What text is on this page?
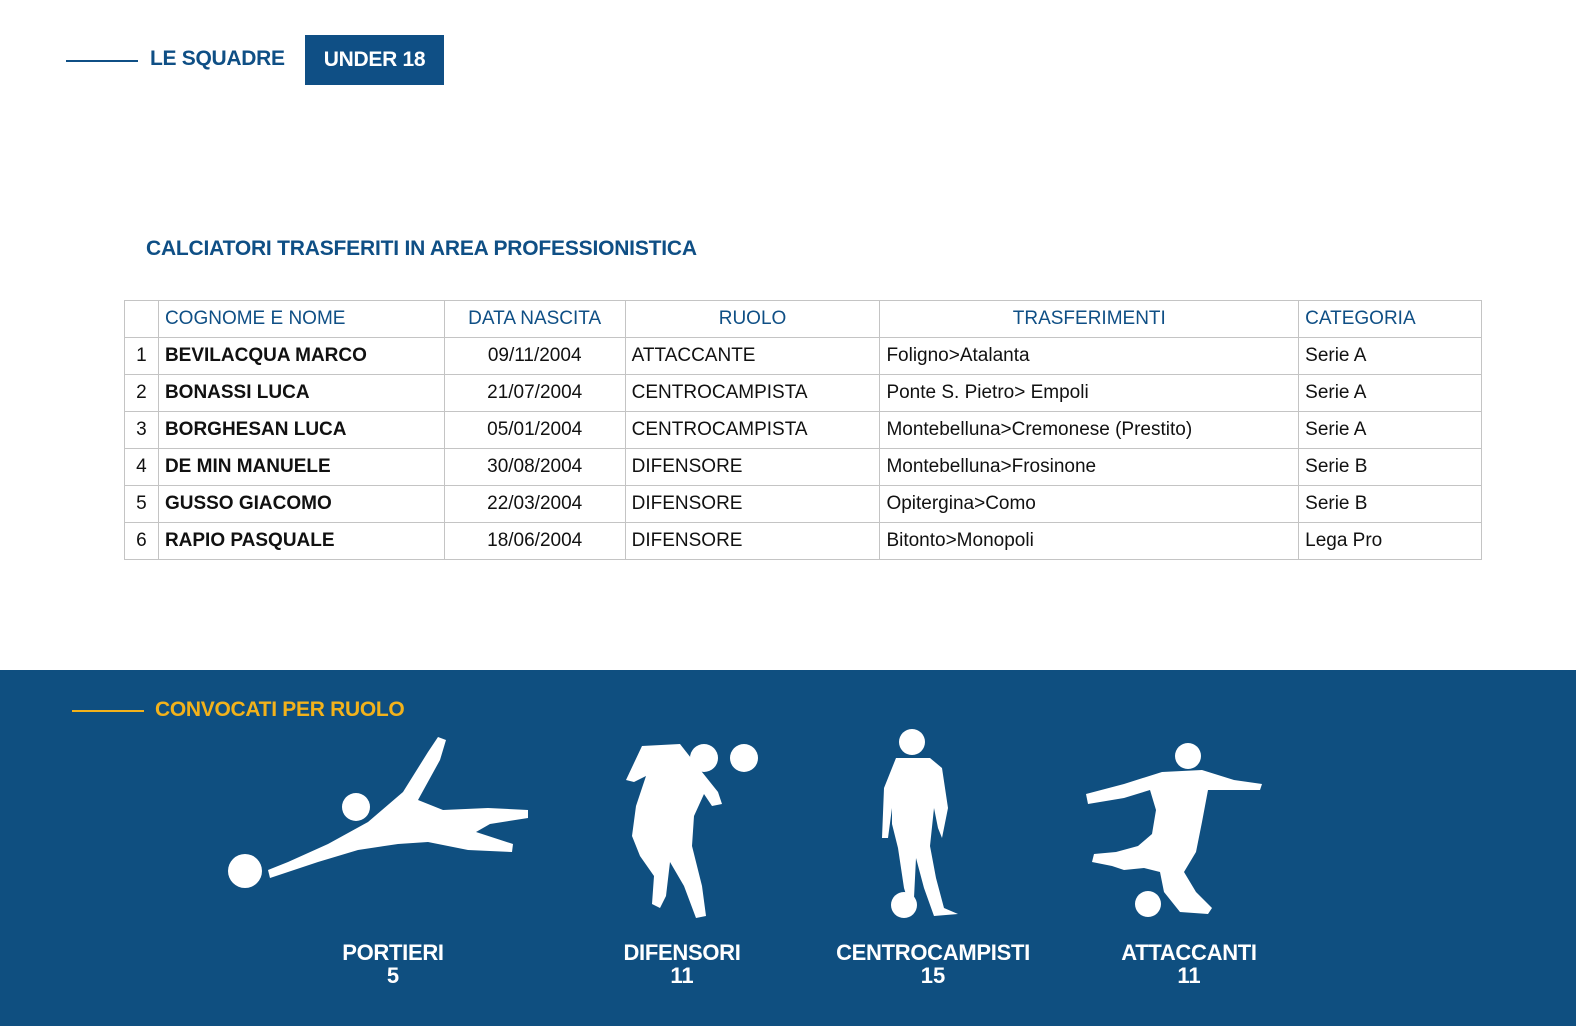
LE SQUADRE	UNDER 18
CALCIATORI TRASFERITI IN AREA PROFESSIONISTICA
	COGNOME E NOME	DATA NASCITA	RUOLO	TRASFERIMENTI	CATEGORIA
1	BEVILACQUA MARCO	09/11/2004	ATTACCANTE	Foligno>Atalanta	Serie A
2	BONASSI LUCA	21/07/2004	CENTROCAMPISTA	Ponte S. Pietro> Empoli	Serie A
3	BORGHESAN LUCA	05/01/2004	CENTROCAMPISTA	Montebelluna>Cremonese (Prestito)	Serie A
4	DE MIN MANUELE	30/08/2004	DIFENSORE	Montebelluna>Frosinone	Serie B
5	GUSSO GIACOMO	22/03/2004	DIFENSORE	Opitergina>Como	Serie B
6	RAPIO PASQUALE	18/06/2004	DIFENSORE	Bitonto>Monopoli	Lega Pro
CONVOCATI PER RUOLO
PORTIERI
5
DIFENSORI
11
CENTROCAMPISTI
15
ATTACCANTI
11
